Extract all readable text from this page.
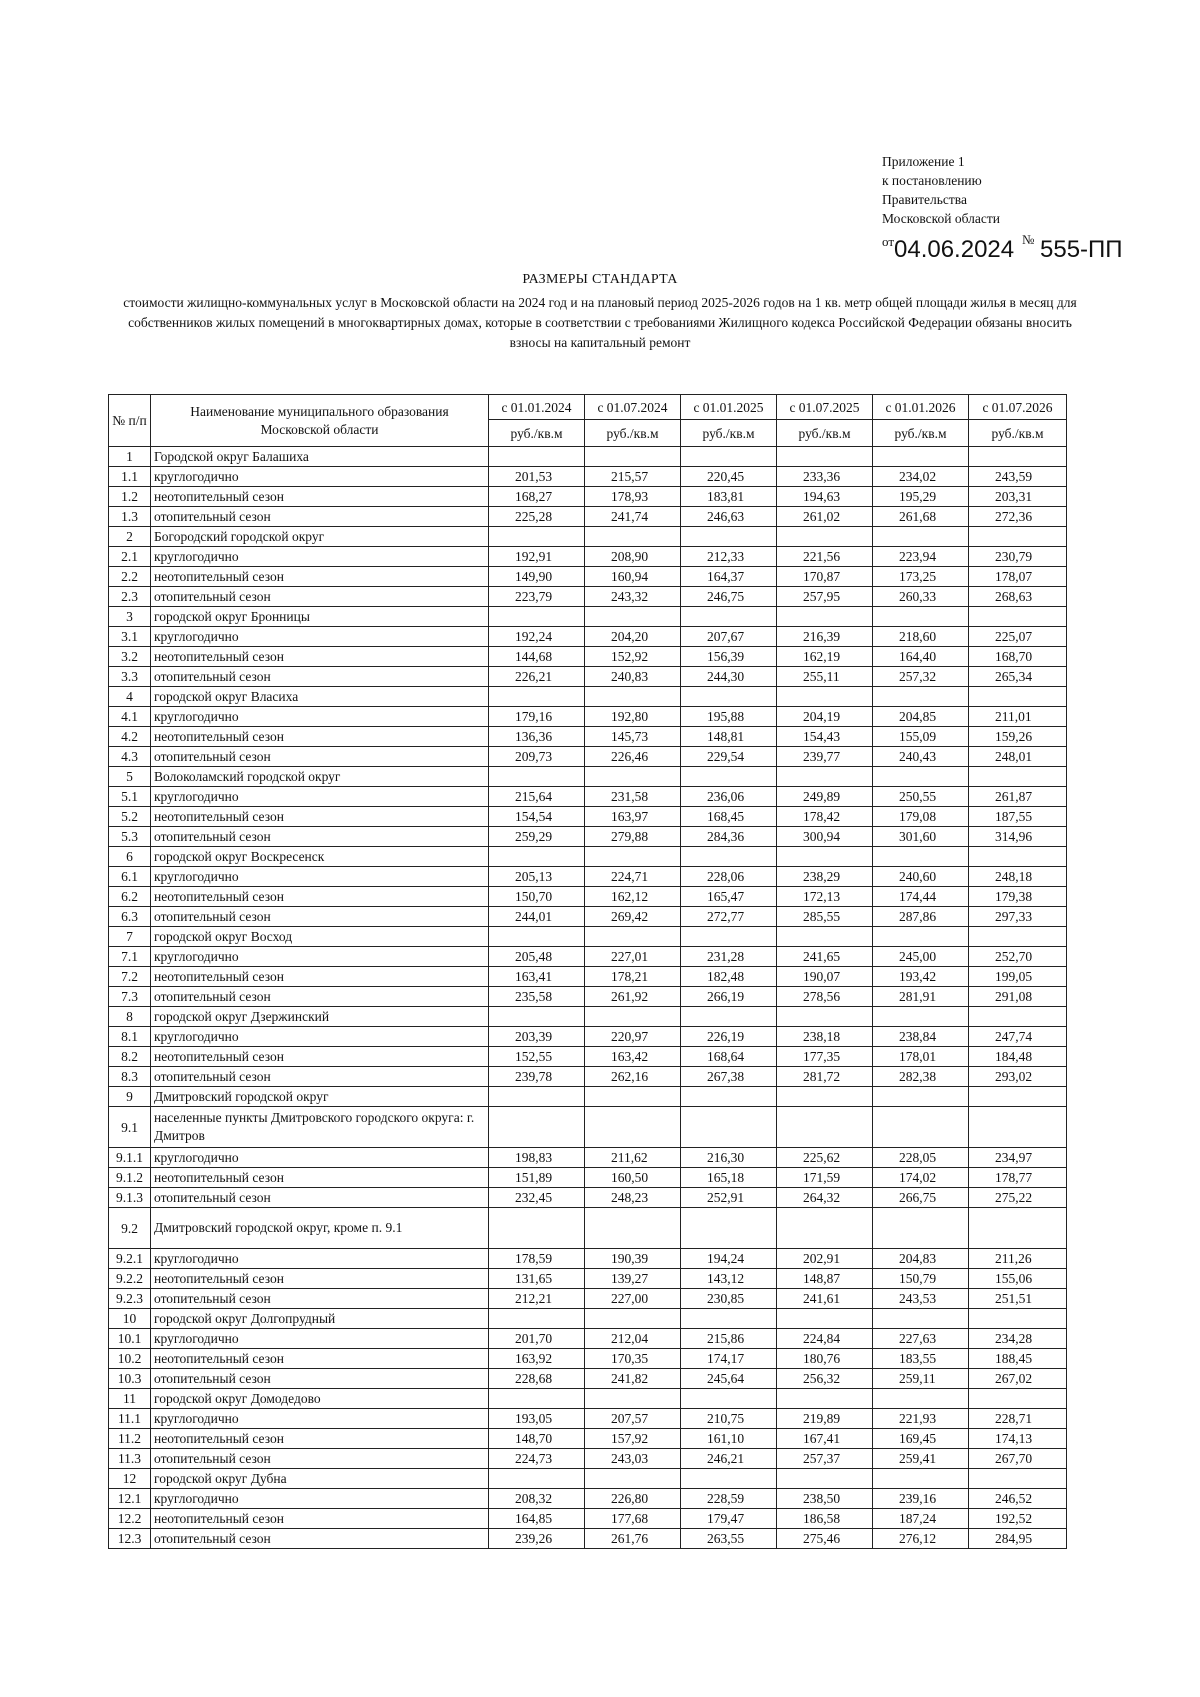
Приложение 1
к постановлению
Правительства
Московской области
от 04.06.2024 № 555-ПП
РАЗМЕРЫ СТАНДАРТА
стоимости жилищно-коммунальных услуг в Московской области на 2024 год и на плановый период 2025-2026 годов на 1 кв. метр общей площади жилья в месяц для собственников жилых помещений в многоквартирных домах, которые в соответствии с требованиями Жилищного кодекса Российской Федерации обязаны вносить взносы на капитальный ремонт
№ п/п	Наименование муниципального образования Московской области	с 01.01.2024	с 01.07.2024	с 01.01.2025	с 01.07.2025	с 01.01.2026	с 01.07.2026
		руб./кв.м	руб./кв.м	руб./кв.м	руб./кв.м	руб./кв.м	руб./кв.м
1	Городской округ Балашиха						
1.1	круглогодично	201,53	215,57	220,45	233,36	234,02	243,59
1.2	неотопительный сезон	168,27	178,93	183,81	194,63	195,29	203,31
1.3	отопительный сезон	225,28	241,74	246,63	261,02	261,68	272,36
2	Богородский городской округ						
2.1	круглогодично	192,91	208,90	212,33	221,56	223,94	230,79
2.2	неотопительный сезон	149,90	160,94	164,37	170,87	173,25	178,07
2.3	отопительный сезон	223,79	243,32	246,75	257,95	260,33	268,63
3	городской округ Бронницы						
3.1	круглогодично	192,24	204,20	207,67	216,39	218,60	225,07
3.2	неотопительный сезон	144,68	152,92	156,39	162,19	164,40	168,70
3.3	отопительный сезон	226,21	240,83	244,30	255,11	257,32	265,34
4	городской округ Власиха						
4.1	круглогодично	179,16	192,80	195,88	204,19	204,85	211,01
4.2	неотопительный сезон	136,36	145,73	148,81	154,43	155,09	159,26
4.3	отопительный сезон	209,73	226,46	229,54	239,77	240,43	248,01
5	Волоколамский городской округ						
5.1	круглогодично	215,64	231,58	236,06	249,89	250,55	261,87
5.2	неотопительный сезон	154,54	163,97	168,45	178,42	179,08	187,55
5.3	отопительный сезон	259,29	279,88	284,36	300,94	301,60	314,96
6	городской округ Воскресенск						
6.1	круглогодично	205,13	224,71	228,06	238,29	240,60	248,18
6.2	неотопительный сезон	150,70	162,12	165,47	172,13	174,44	179,38
6.3	отопительный сезон	244,01	269,42	272,77	285,55	287,86	297,33
7	городской округ Восход						
7.1	круглогодично	205,48	227,01	231,28	241,65	245,00	252,70
7.2	неотопительный сезон	163,41	178,21	182,48	190,07	193,42	199,05
7.3	отопительный сезон	235,58	261,92	266,19	278,56	281,91	291,08
8	городской округ Дзержинский						
8.1	круглогодично	203,39	220,97	226,19	238,18	238,84	247,74
8.2	неотопительный сезон	152,55	163,42	168,64	177,35	178,01	184,48
8.3	отопительный сезон	239,78	262,16	267,38	281,72	282,38	293,02
9	Дмитровский городской округ						
9.1	населенные пункты Дмитровского городского округа: г. Дмитров						
9.1.1	круглогодично	198,83	211,62	216,30	225,62	228,05	234,97
9.1.2	неотопительный сезон	151,89	160,50	165,18	171,59	174,02	178,77
9.1.3	отопительный сезон	232,45	248,23	252,91	264,32	266,75	275,22
9.2	Дмитровский городской округ, кроме п. 9.1						
9.2.1	круглогодично	178,59	190,39	194,24	202,91	204,83	211,26
9.2.2	неотопительный сезон	131,65	139,27	143,12	148,87	150,79	155,06
9.2.3	отопительный сезон	212,21	227,00	230,85	241,61	243,53	251,51
10	городской округ Долгопрудный						
10.1	круглогодично	201,70	212,04	215,86	224,84	227,63	234,28
10.2	неотопительный сезон	163,92	170,35	174,17	180,76	183,55	188,45
10.3	отопительный сезон	228,68	241,82	245,64	256,32	259,11	267,02
11	городской округ Домодедово						
11.1	круглогодично	193,05	207,57	210,75	219,89	221,93	228,71
11.2	неотопительный сезон	148,70	157,92	161,10	167,41	169,45	174,13
11.3	отопительный сезон	224,73	243,03	246,21	257,37	259,41	267,70
12	городской округ Дубна						
12.1	круглогодично	208,32	226,80	228,59	238,50	239,16	246,52
12.2	неотопительный сезон	164,85	177,68	179,47	186,58	187,24	192,52
12.3	отопительный сезон	239,26	261,76	263,55	275,46	276,12	284,95
